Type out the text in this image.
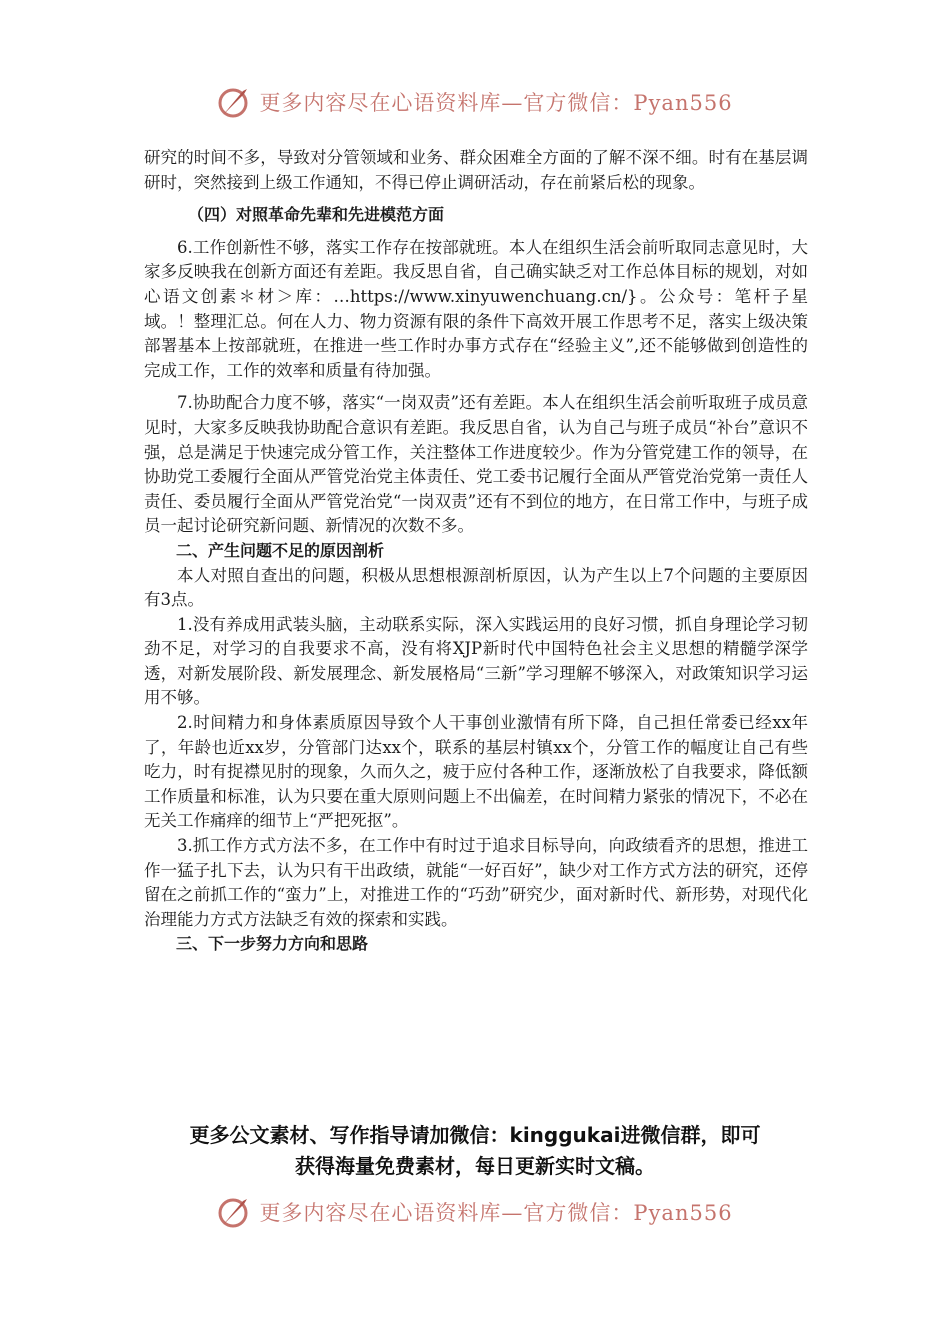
更多内容尽在心语资料库—官方微信：Pyan556

研究的时间不多，导致对分管领域和业务、群众困难全方面的了解不深不细。时有在基层调研时，突然接到上级工作通知，不得已停止调研活动，存在前紧后松的现象。

（四）对照革命先辈和先进模范方面

6.工作创新性不够，落实工作存在按部就班。本人在组织生活会前听取同志意见时，大家多反映我在创新方面还有差距。我反思自省，自己确实缺乏对工作总体目标的规划，对如心语文创素＊材＞库：…https://www.xinyuwenchuang.cn/}。公众号：笔杆子星域。！整理汇总。何在人力、物力资源有限的条件下高效开展工作思考不足，落实上级决策部署基本上按部就班，在推进一些工作时办事方式存在“经验主义”,还不能够做到创造性的完成工作，工作的效率和质量有待加强。

7.协助配合力度不够，落实“一岗双责”还有差距。本人在组织生活会前听取班子成员意见时，大家多反映我协助配合意识有差距。我反思自省，认为自己与班子成员“补台”意识不强，总是满足于快速完成分管工作，关注整体工作进度较少。作为分管党建工作的领导，在协助党工委履行全面从严管党治党主体责任、党工委书记履行全面从严管党治党第一责任人责任、委员履行全面从严管党治党“一岗双责”还有不到位的地方，在日常工作中，与班子成员一起讨论研究新问题、新情况的次数不多。

二、产生问题不足的原因剖析

本人对照自查出的问题，积极从思想根源剖析原因，认为产生以上7个问题的主要原因有3点。

1.没有养成用武装头脑，主动联系实际，深入实践运用的良好习惯，抓自身理论学习韧劲不足，对学习的自我要求不高，没有将XJP新时代中国特色社会主义思想的精髓学深学透，对新发展阶段、新发展理念、新发展格局“三新”学习理解不够深入，对政策知识学习运用不够。

2.时间精力和身体素质原因导致个人干事创业激情有所下降，自己担任常委已经xx年了，年龄也近xx岁，分管部门达xx个，联系的基层村镇xx个，分管工作的幅度让自己有些吃力，时有捉襟见肘的现象，久而久之，疲于应付各种工作，逐渐放松了自我要求，降低额工作质量和标准，认为只要在重大原则问题上不出偏差，在时间精力紧张的情况下，不必在无关工作痛痒的细节上“严把死抠”。

3.抓工作方式方法不多，在工作中有时过于追求目标导向，向政绩看齐的思想，推进工作一猛子扎下去，认为只有干出政绩，就能“一好百好”，缺少对工作方式方法的研究，还停留在之前抓工作的“蛮力”上，对推进工作的“巧劲”研究少，面对新时代、新形势，对现代化治理能力方式方法缺乏有效的探索和实践。

三、下一步努力方向和思路

更多公文素材、写作指导请加微信：kinggukai进微信群，即可
获得海量免费素材，每日更新实时文稿。
更多内容尽在心语资料库—官方微信：Pyan556
